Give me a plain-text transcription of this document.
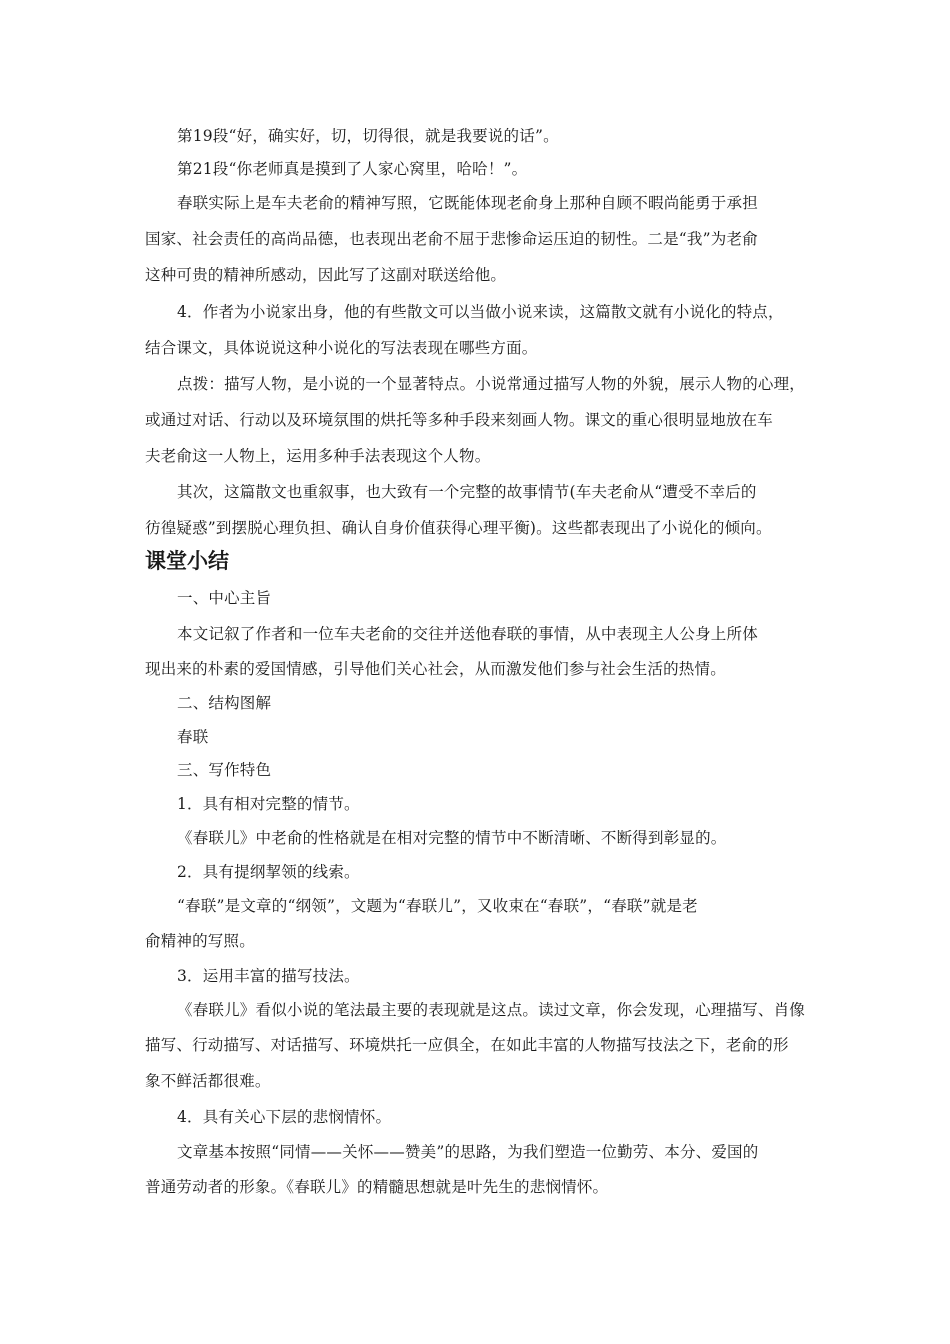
第19段“好，确实好，切，切得很，就是我要说的话”。
第21段“你老师真是摸到了人家心窝里，哈哈！”。
春联实际上是车夫老俞的精神写照，它既能体现老俞身上那种自顾不暇尚能勇于承担
国家、社会责任的高尚品德，也表现出老俞不屈于悲惨命运压迫的韧性。二是“我”为老俞
这种可贵的精神所感动，因此写了这副对联送给他。
4．作者为小说家出身，他的有些散文可以当做小说来读，这篇散文就有小说化的特点，
结合课文，具体说说这种小说化的写法表现在哪些方面。
点拨：描写人物，是小说的一个显著特点。小说常通过描写人物的外貌，展示人物的心理，
或通过对话、行动以及环境氛围的烘托等多种手段来刻画人物。课文的重心很明显地放在车
夫老俞这一人物上，运用多种手法表现这个人物。
其次，这篇散文也重叙事，也大致有一个完整的故事情节(车夫老俞从“遭受不幸后的
彷徨疑惑”到摆脱心理负担、确认自身价值获得心理平衡)。这些都表现出了小说化的倾向。
课堂小结
一、中心主旨
本文记叙了作者和一位车夫老俞的交往并送他春联的事情，从中表现主人公身上所体
现出来的朴素的爱国情感，引导他们关心社会，从而激发他们参与社会生活的热情。
二、结构图解
春联
三、写作特色
1．具有相对完整的情节。
《春联儿》中老俞的性格就是在相对完整的情节中不断清晰、不断得到彰显的。
2．具有提纲挈领的线索。
“春联”是文章的“纲领”，文题为“春联儿”，又收束在“春联”，“春联”就是老
俞精神的写照。
3．运用丰富的描写技法。
《春联儿》看似小说的笔法最主要的表现就是这点。读过文章，你会发现，心理描写、肖像
描写、行动描写、对话描写、环境烘托一应俱全，在如此丰富的人物描写技法之下，老俞的形
象不鲜活都很难。
4．具有关心下层的悲悯情怀。
文章基本按照“同情——关怀——赞美”的思路，为我们塑造一位勤劳、本分、爱国的
普通劳动者的形象。《春联儿》的精髓思想就是叶先生的悲悯情怀。
